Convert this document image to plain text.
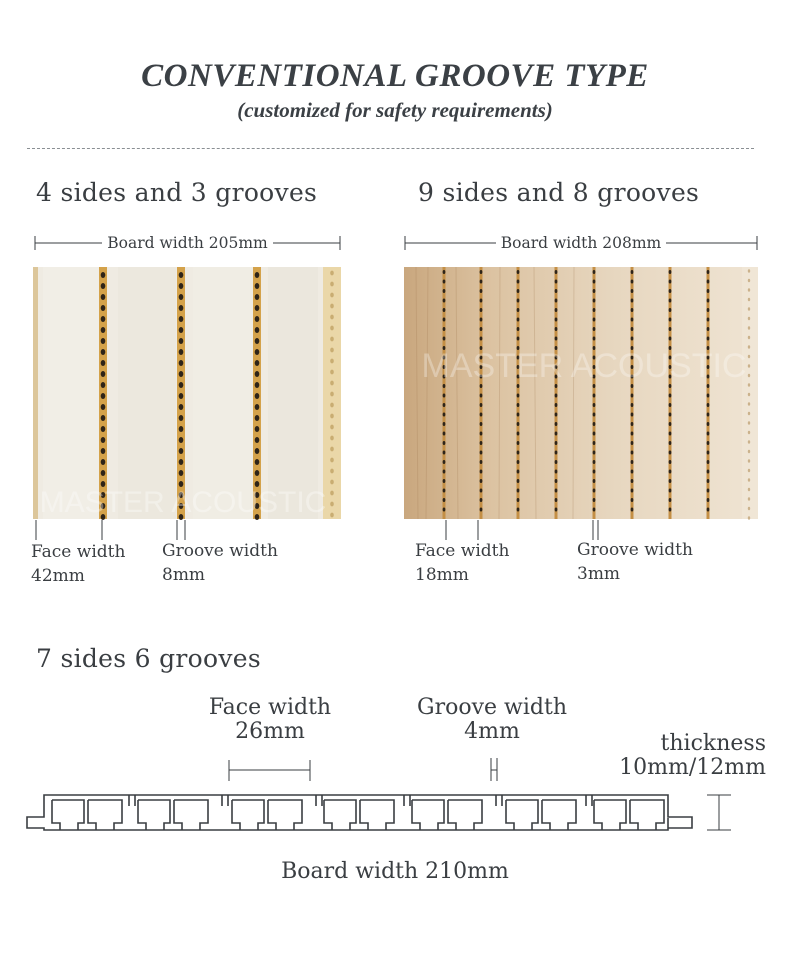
CONVENTIONAL GROOVE TYPE
(customized for safety requirements)
4 sides and 3 grooves
Board width 205mm
MASTER ACOUSTIC
Face width
42mm
Groove width
8mm
9 sides and 8 grooves
Board width 208mm
MASTER ACOUSTIC
Face width
18mm
Groove width
3mm
7 sides 6 grooves
Face width
26mm
Groove width
4mm	thickness
10mm/12mm
Board width 210mm
